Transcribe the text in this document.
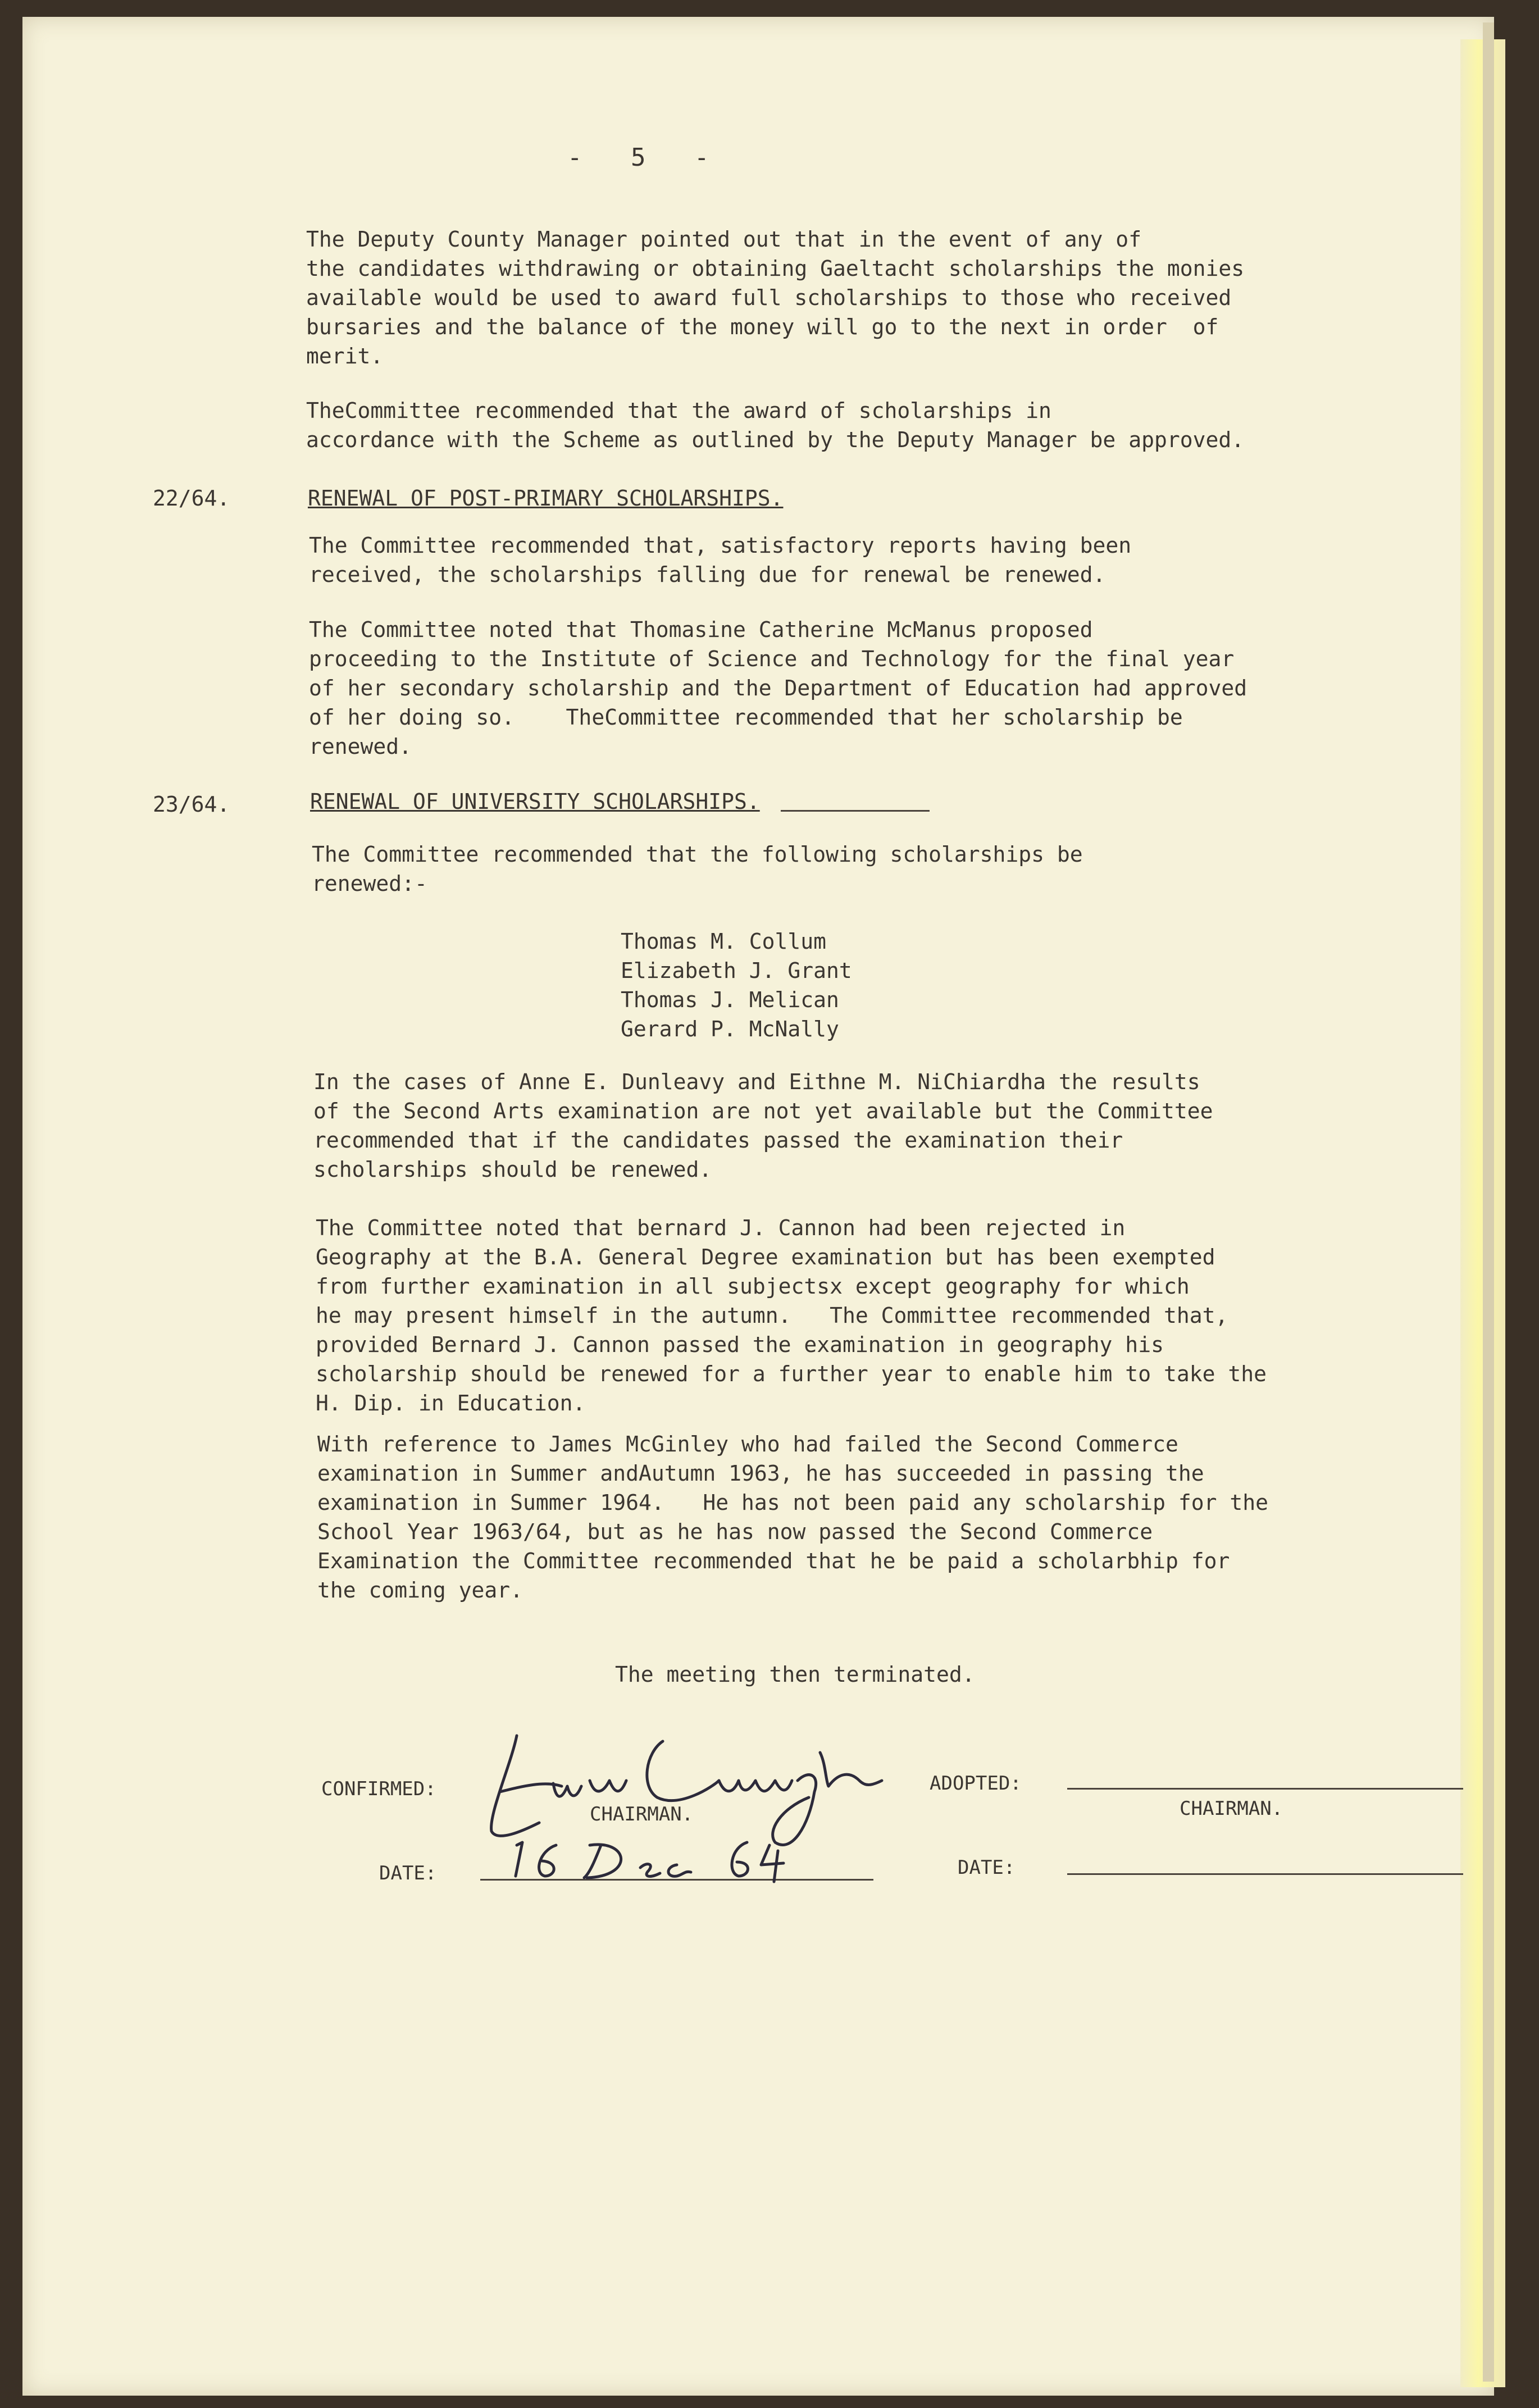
- 5 -

The Deputy County Manager pointed out that in the event of any of
the candidates withdrawing or obtaining Gaeltacht scholarships the monies
available would be used to award full scholarships to those who received
bursaries and the balance of the money will go to the next in order  of
merit.

TheCommittee recommended that the award of scholarships in
accordance with the Scheme as outlined by the Deputy Manager be approved.

22/64.	RENEWAL OF POST-PRIMARY SCHOLARSHIPS.

The Committee recommended that, satisfactory reports having been
received, the scholarships falling due for renewal be renewed.

The Committee noted that Thomasine Catherine McManus proposed
proceeding to the Institute of Science and Technology for the final year
of her secondary scholarship and the Department of Education had approved
of her doing so.    TheCommittee recommended that her scholarship be
renewed.

23/64.	RENEWAL OF UNIVERSITY SCHOLARSHIPS.

The Committee recommended that the following scholarships be
renewed:-

Thomas M. Collum
Elizabeth J. Grant
Thomas J. Melican
Gerard P. McNally

In the cases of Anne E. Dunleavy and Eithne M. NiChiardha the results
of the Second Arts examination are not yet available but the Committee
recommended that if the candidates passed the examination their
scholarships should be renewed.

The Committee noted that bernard J. Cannon had been rejected in
Geography at the B.A. General Degree examination but has been exempted
from further examination in all subjectsx except geography for which
he may present himself in the autumn.   The Committee recommended that,
provided Bernard J. Cannon passed the examination in geography his
scholarship should be renewed for a further year to enable him to take the
H. Dip. in Education.

With reference to James McGinley who had failed the Second Commerce
examination in Summer andAutumn 1963, he has succeeded in passing the
examination in Summer 1964.   He has not been paid any scholarship for the
School Year 1963/64, but as he has now passed the Second Commerce
Examination the Committee recommended that he be paid a scholarbhip for
the coming year.

The meeting then terminated.
CONFIRMED:
CHAIRMAN.
DATE:
ADOPTED:
CHAIRMAN.
DATE:
